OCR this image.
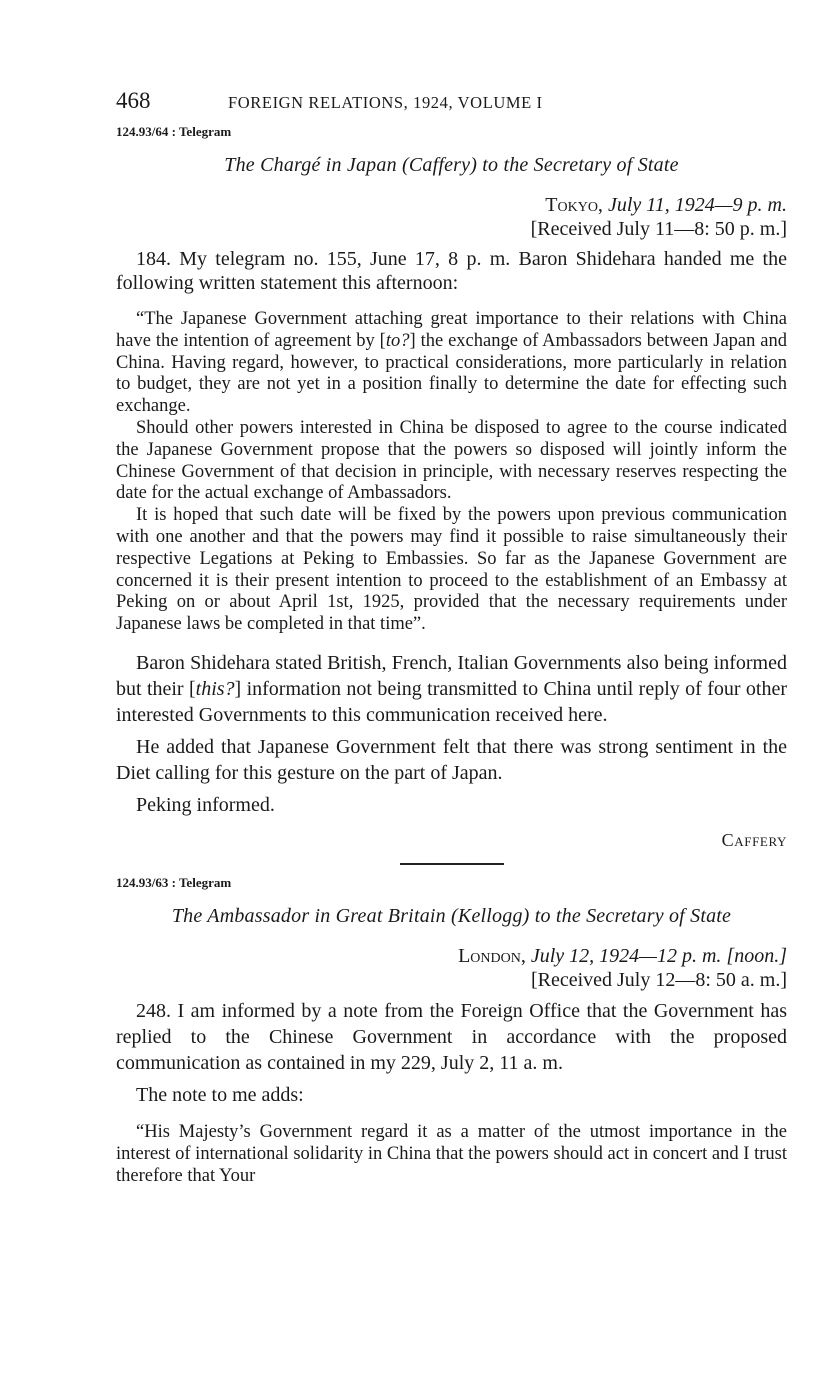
468	FOREIGN RELATIONS, 1924, VOLUME I
124.93/64 : Telegram
The Chargé in Japan (Caffery) to the Secretary of State
Tokyo, July 11, 1924—9 p. m.
[Received July 11—8: 50 p. m.]

184. My telegram no. 155, June 17, 8 p. m. Baron Shidehara handed me the following written statement this afternoon:

“The Japanese Government attaching great importance to their relations with China have the intention of agreement by [to?] the exchange of Ambassadors between Japan and China. Having regard, however, to practical considerations, more particularly in relation to budget, they are not yet in a position finally to determine the date for effecting such exchange.

Should other powers interested in China be disposed to agree to the course indicated the Japanese Government propose that the powers so disposed will jointly inform the Chinese Government of that decision in principle, with necessary reserves respecting the date for the actual exchange of Ambassadors.

It is hoped that such date will be fixed by the powers upon previous communication with one another and that the powers may find it possible to raise simultaneously their respective Legations at Peking to Embassies. So far as the Japanese Government are concerned it is their present intention to proceed to the establishment of an Embassy at Peking on or about April 1st, 1925, provided that the necessary requirements under Japanese laws be completed in that time”.

Baron Shidehara stated British, French, Italian Governments also being informed but their [this?] information not being transmitted to China until reply of four other interested Governments to this communication received here.

He added that Japanese Government felt that there was strong sentiment in the Diet calling for this gesture on the part of Japan.

Peking informed.

Caffery
124.93/63 : Telegram
The Ambassador in Great Britain (Kellogg) to the Secretary of State
London, July 12, 1924—12 p. m. [noon.]
[Received July 12—8: 50 a. m.]

248. I am informed by a note from the Foreign Office that the Government has replied to the Chinese Government in accordance with the proposed communication as contained in my 229, July 2, 11 a. m.

The note to me adds:

“His Majesty’s Government regard it as a matter of the utmost importance in the interest of international solidarity in China that the powers should act in concert and I trust therefore that Your
